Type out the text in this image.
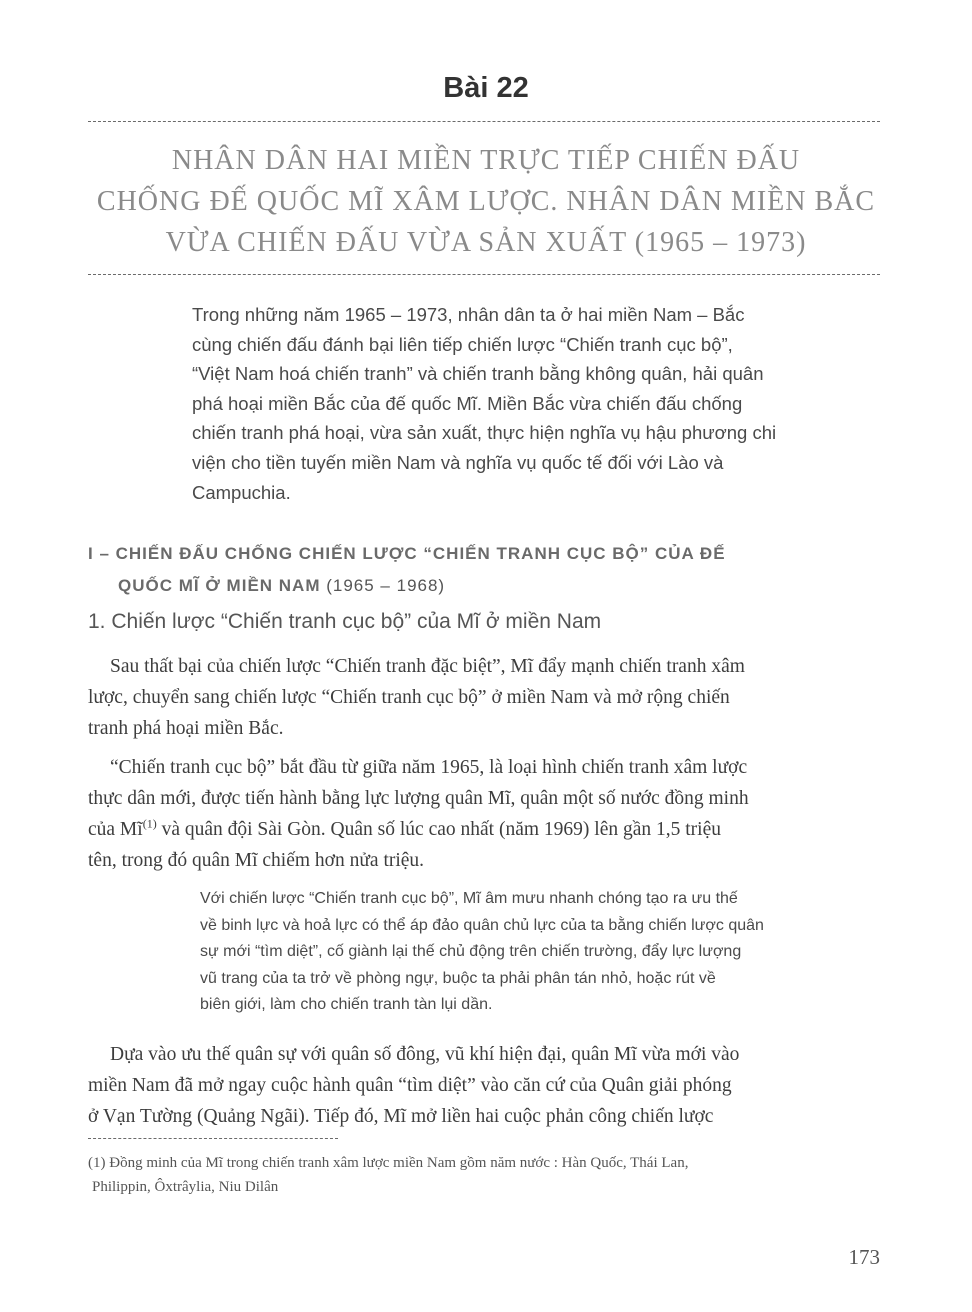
Bài 22
NHÂN DÂN HAI MIỀN TRỰC TIẾP CHIẾN ĐẤU
CHỐNG ĐẾ QUỐC MĨ XÂM LƯỢC. NHÂN DÂN MIỀN BẮC
VỪA CHIẾN ĐẤU VỪA SẢN XUẤT (1965 – 1973)
Trong những năm 1965 – 1973, nhân dân ta ở hai miền Nam – Bắc
cùng chiến đấu đánh bại liên tiếp chiến lược “Chiến tranh cục bộ”,
“Việt Nam hoá chiến tranh” và chiến tranh bằng không quân, hải quân
phá hoại miền Bắc của đế quốc Mĩ. Miền Bắc vừa chiến đấu chống
chiến tranh phá hoại, vừa sản xuất, thực hiện nghĩa vụ hậu phương chi
viện cho tiền tuyến miền Nam và nghĩa vụ quốc tế đối với Lào và
Campuchia.
I – CHIẾN ĐẤU CHỐNG CHIẾN LƯỢC “CHIẾN TRANH CỤC BỘ” CỦA ĐẾ
QUỐC MĨ Ở MIỀN NAM (1965 – 1968)
1. Chiến lược “Chiến tranh cục bộ” của Mĩ ở miền Nam
Sau thất bại của chiến lược “Chiến tranh đặc biệt”, Mĩ đẩy mạnh chiến tranh xâm
lược, chuyển sang chiến lược “Chiến tranh cục bộ” ở miền Nam và mở rộng chiến
tranh phá hoại miền Bắc.
“Chiến tranh cục bộ” bắt đầu từ giữa năm 1965, là loại hình chiến tranh xâm lược
thực dân mới, được tiến hành bằng lực lượng quân Mĩ, quân một số nước đồng minh
của $Mĩ^{(1)}$ và quân đội Sài Gòn. Quân số lúc cao nhất (năm 1969) lên gần 1,5 triệu
tên, trong đó quân Mĩ chiếm hơn nửa triệu.
Với chiến lược “Chiến tranh cục bộ”, Mĩ âm mưu nhanh chóng tạo ra ưu thế
về binh lực và hoả lực có thể áp đảo quân chủ lực của ta bằng chiến lược quân
sự mới “tìm diệt”, cố giành lại thế chủ động trên chiến trường, đẩy lực lượng
vũ trang của ta trở về phòng ngự, buộc ta phải phân tán nhỏ, hoặc rút về
biên giới, làm cho chiến tranh tàn lụi dần.
Dựa vào ưu thế quân sự với quân số đông, vũ khí hiện đại, quân Mĩ vừa mới vào
miền Nam đã mở ngay cuộc hành quân “tìm diệt” vào căn cứ của Quân giải phóng
ở Vạn Tường (Quảng Ngãi). Tiếp đó, Mĩ mở liền hai cuộc phản công chiến lược
(1) Đồng minh của Mĩ trong chiến tranh xâm lược miền Nam gồm năm nước : Hàn Quốc, Thái Lan,
Philippin, Ôxtrâylia, Niu Dilân
173
